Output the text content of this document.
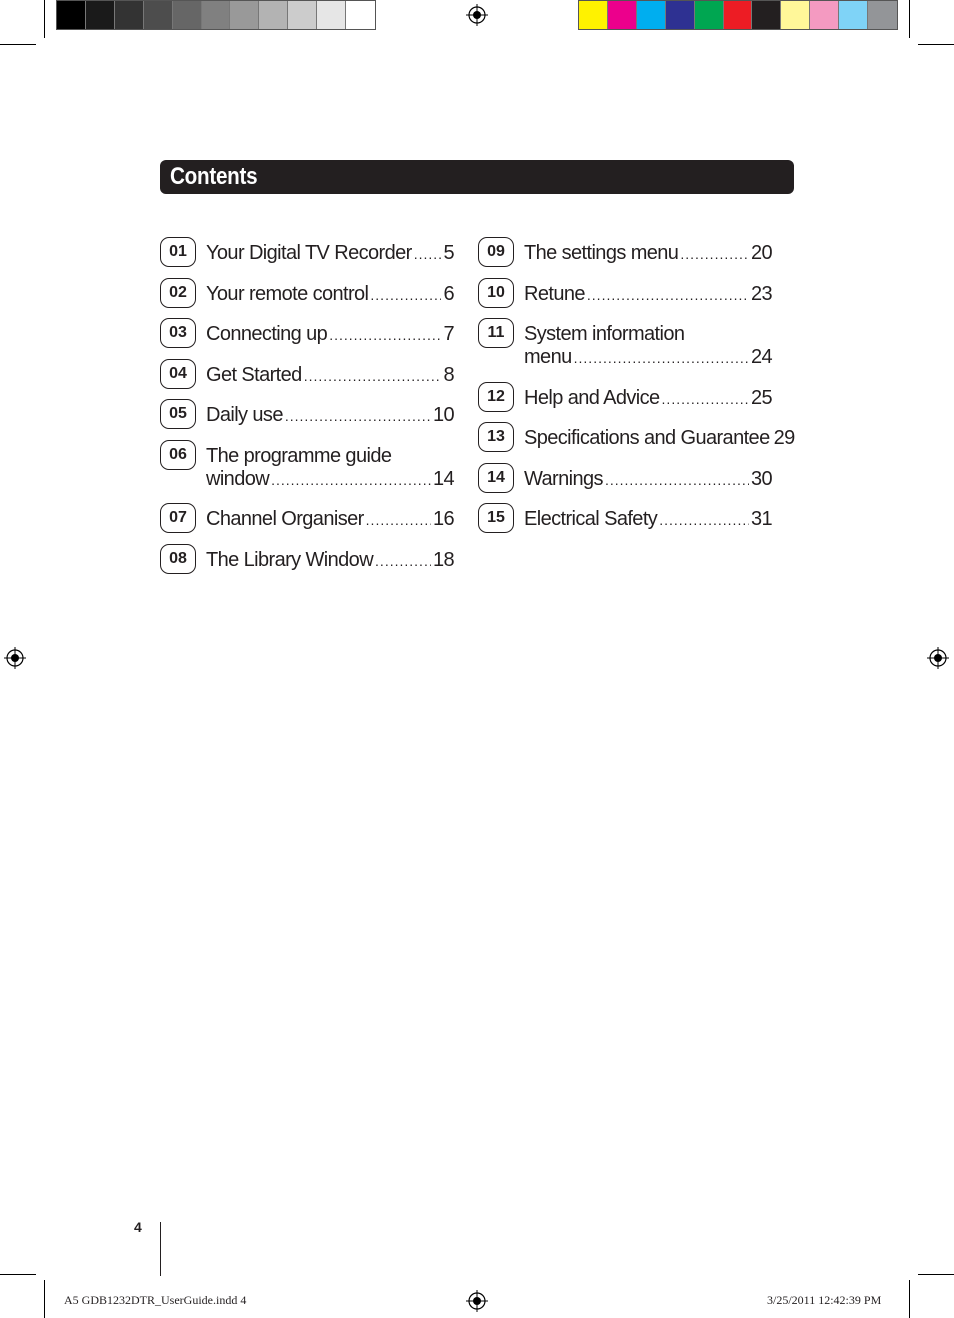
Contents
01 Your Digital TV Recorder ..... 5
02 Your remote control .....	6
03 Connecting up .....	7
04 Get Started .....	8
05 Daily use .....	10
06 The programme guide
window .....	14
07 Channel Organiser .....	16
08 The Library Window .....	18
09 The settings menu .....	20
10 Retune .....	23
11 System information
menu .....	24
12 Help and Advice .....	25
13 Specifications and Guarantee 29
14 Warnings .....	30
15 Electrical Safety .....	31
4
A5 GDB1232DTR_UserGuide.indd 4	3/25/2011 12:42:39 PM
